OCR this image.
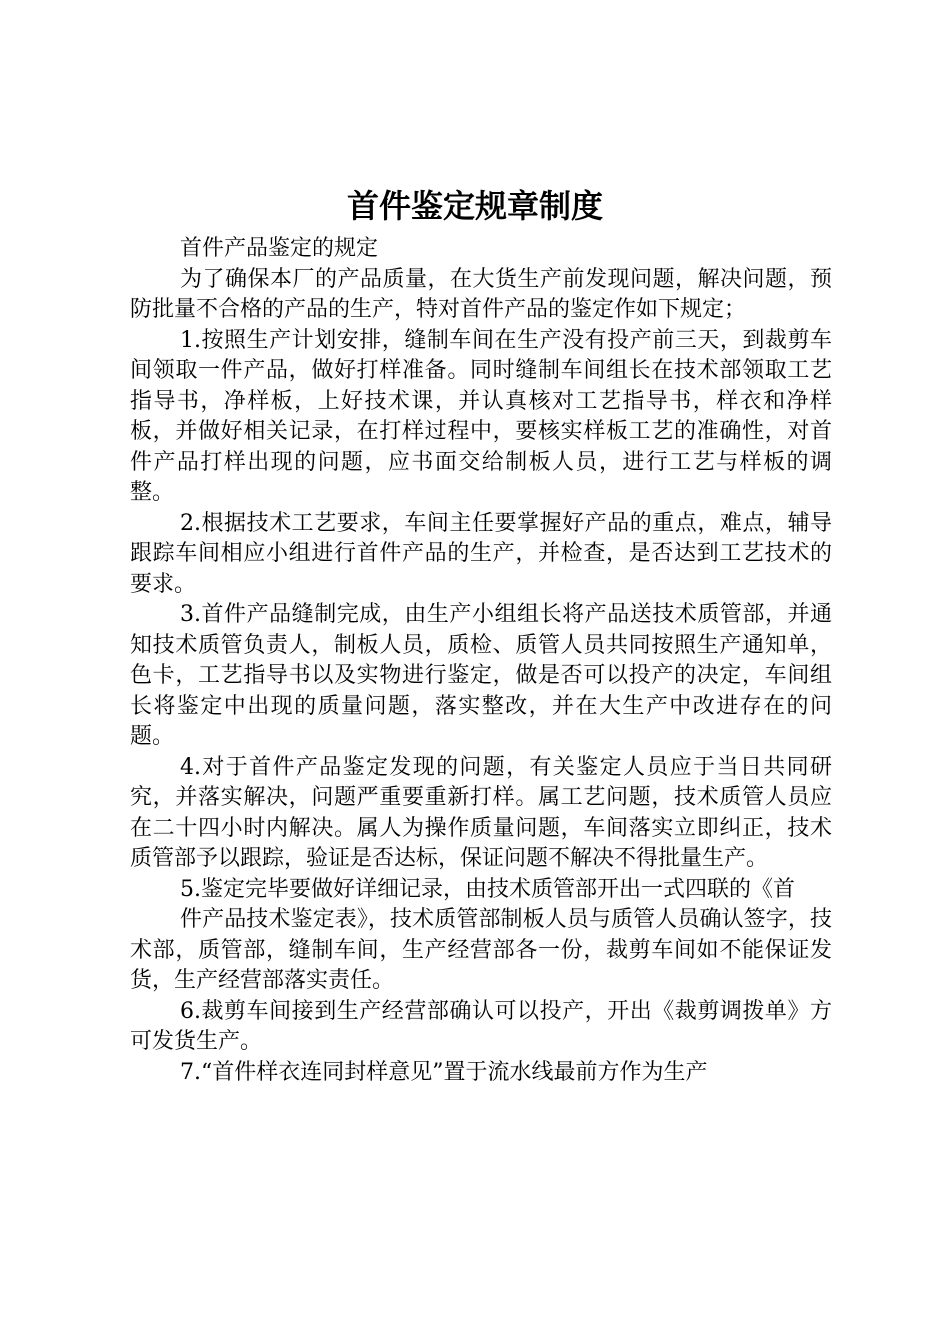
首件鉴定规章制度

首件产品鉴定的规定

为了确保本厂的产品质量，在大货生产前发现问题，解决问题，预防批量不合格的产品的生产，特对首件产品的鉴定作如下规定；

1.按照生产计划安排，缝制车间在生产没有投产前三天，到裁剪车间领取一件产品，做好打样准备。同时缝制车间组长在技术部领取工艺指导书，净样板，上好技术课，并认真核对工艺指导书，样衣和净样板，并做好相关记录，在打样过程中，要核实样板工艺的准确性，对首件产品打样出现的问题，应书面交给制板人员，进行工艺与样板的调整。

2.根据技术工艺要求，车间主任要掌握好产品的重点，难点，辅导跟踪车间相应小组进行首件产品的生产，并检查，是否达到工艺技术的要求。

3.首件产品缝制完成，由生产小组组长将产品送技术质管部，并通知技术质管负责人，制板人员，质检、质管人员共同按照生产通知单，色卡，工艺指导书以及实物进行鉴定，做是否可以投产的决定，车间组长将鉴定中出现的质量问题，落实整改，并在大生产中改进存在的问题。

4.对于首件产品鉴定发现的问题，有关鉴定人员应于当日共同研究，并落实解决，问题严重要重新打样。属工艺问题，技术质管人员应在二十四小时内解决。属人为操作质量问题，车间落实立即纠正，技术质管部予以跟踪，验证是否达标，保证问题不解决不得批量生产。

5.鉴定完毕要做好详细记录，由技术质管部开出一式四联的《首

件产品技术鉴定表》，技术质管部制板人员与质管人员确认签字，技术部，质管部，缝制车间，生产经营部各一份，裁剪车间如不能保证发货，生产经营部落实责任。

6.裁剪车间接到生产经营部确认可以投产，开出《裁剪调拨单》方可发货生产。

7.“首件样衣连同封样意见”置于流水线最前方作为生产
